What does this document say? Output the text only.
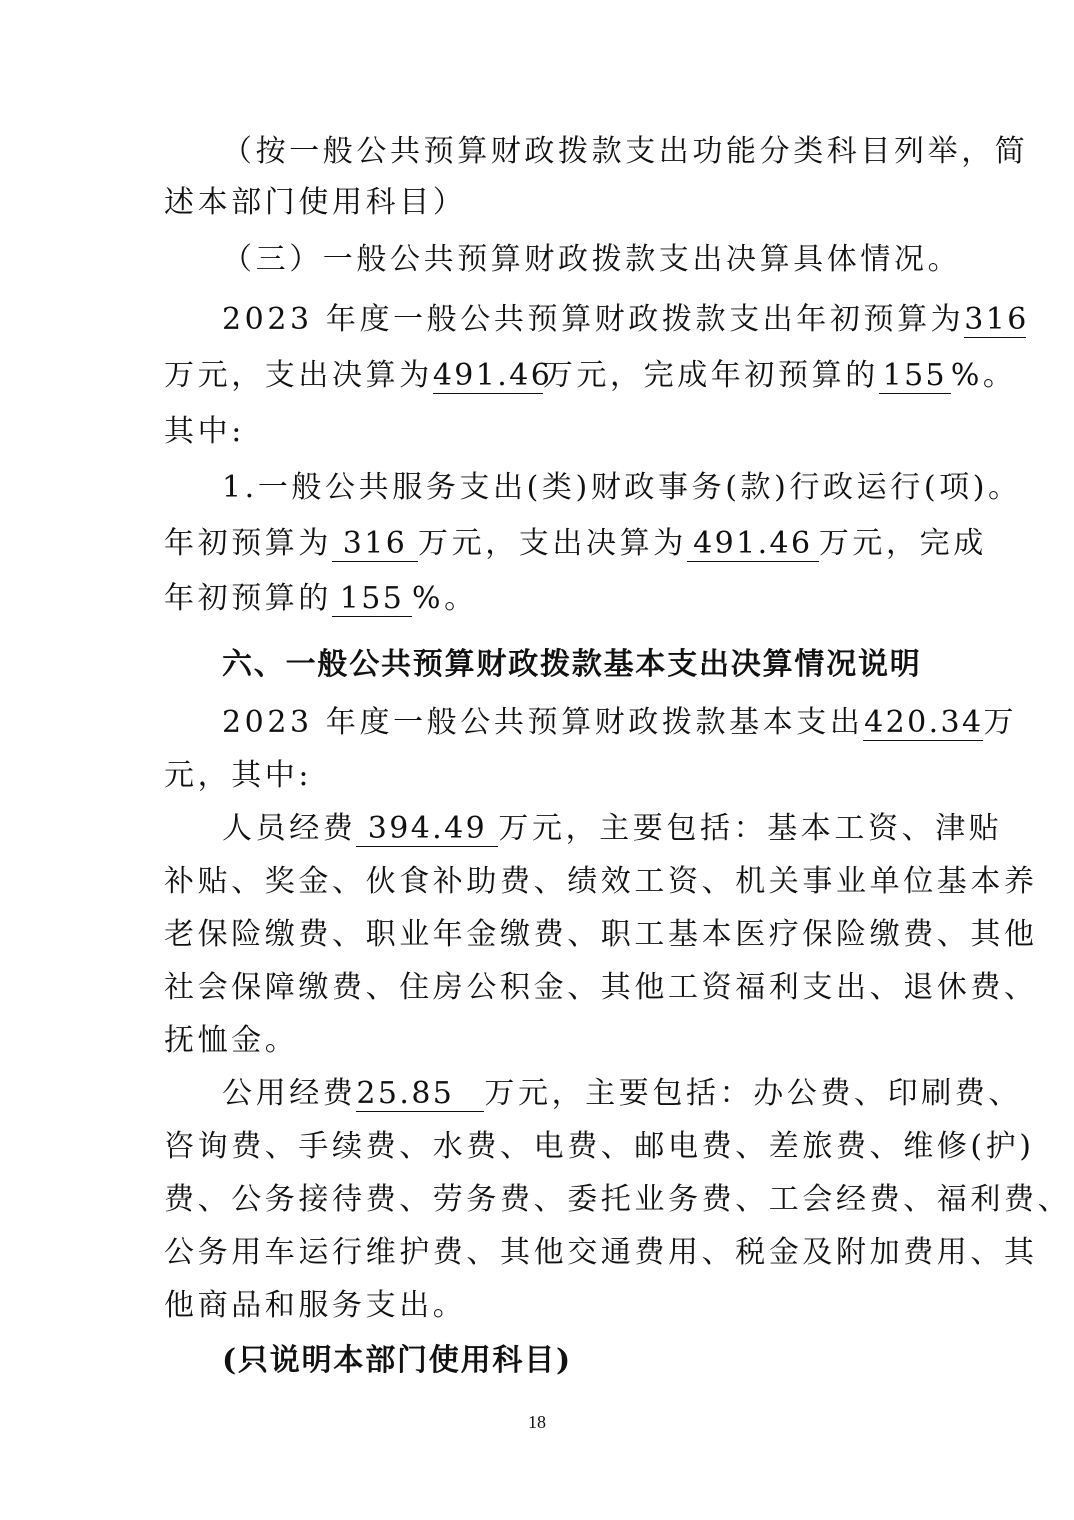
（按一般公共预算财政拨款支出功能分类科目列举，简
述本部门使用科目）
（三）一般公共预算财政拨款支出决算具体情况。
2023 年度一般公共预算财政拨款支出年初预算为316
万元，支出决算为491.46万元，完成年初预算的 155 %。
其中:
1.一般公共服务支出(类)财政事务(款)行政运行(项)。
年初预算为 316 万元，支出决算为 491.46 万元，完成
年初预算的 155 %。
六、一般公共预算财政拨款基本支出决算情况说明
2023 年度一般公共预算财政拨款基本支出420.34万
元，其中:
人员经费 394.49 万元，主要包括：基本工资、津贴
补贴、奖金、伙食补助费、绩效工资、机关事业单位基本养
老保险缴费、职业年金缴费、职工基本医疗保险缴费、其他
社会保障缴费、住房公积金、其他工资福利支出、退休费、
抚恤金。
公用经费25.85 万元，主要包括：办公费、印刷费、
咨询费、手续费、水费、电费、邮电费、差旅费、维修(护)
费、公务接待费、劳务费、委托业务费、工会经费、福利费、
公务用车运行维护费、其他交通费用、税金及附加费用、其
他商品和服务支出。
(只说明本部门使用科目)
18
